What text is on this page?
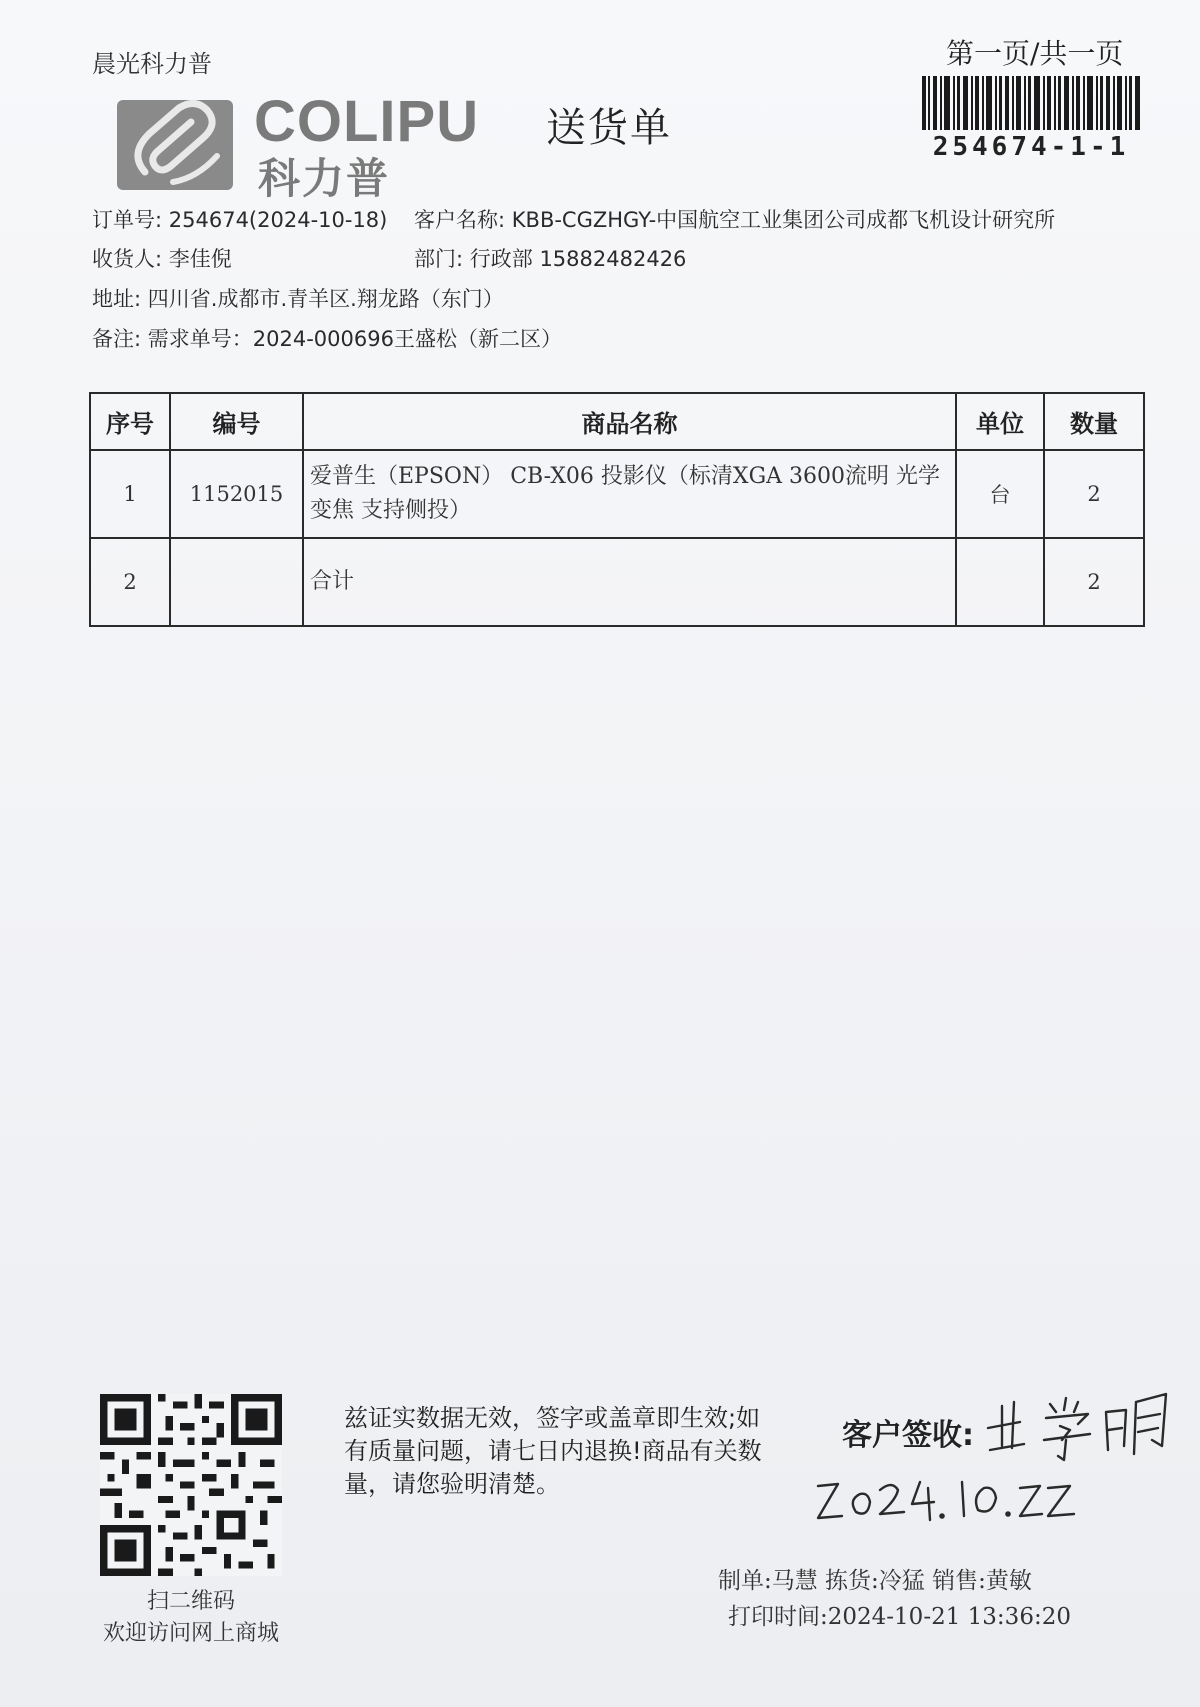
晨光科力普	第一页/共一页
254674-1-1
COLIPU
科力普
送货单
订单号: 254674(2024-10-18) 客户名称: KBB-CGZHGY-中国航空工业集团公司成都飞机设计研究所
收货人: 李佳倪	部门: 行政部 15882482426
地址: 四川省.成都市.青羊区.翔龙路（东门）
备注: 需求单号：2024-000696王盛松（新二区）
序号	编号	商品名称	单位	数量
1	1152015	爱普生（EPSON） CB-X06 投影仪（标清XGA 3600流明 光学变焦 支持侧投）	台	2
2		合计		2
扫二维码
欢迎访问网上商城
兹证实数据无效，签字或盖章即生效;如有质量问题，请七日内退换!商品有关数量，请您验明清楚。
客户签收:
制单:马慧 拣货:冷猛 销售:黄敏
打印时间:2024-10-21 13:36:20
